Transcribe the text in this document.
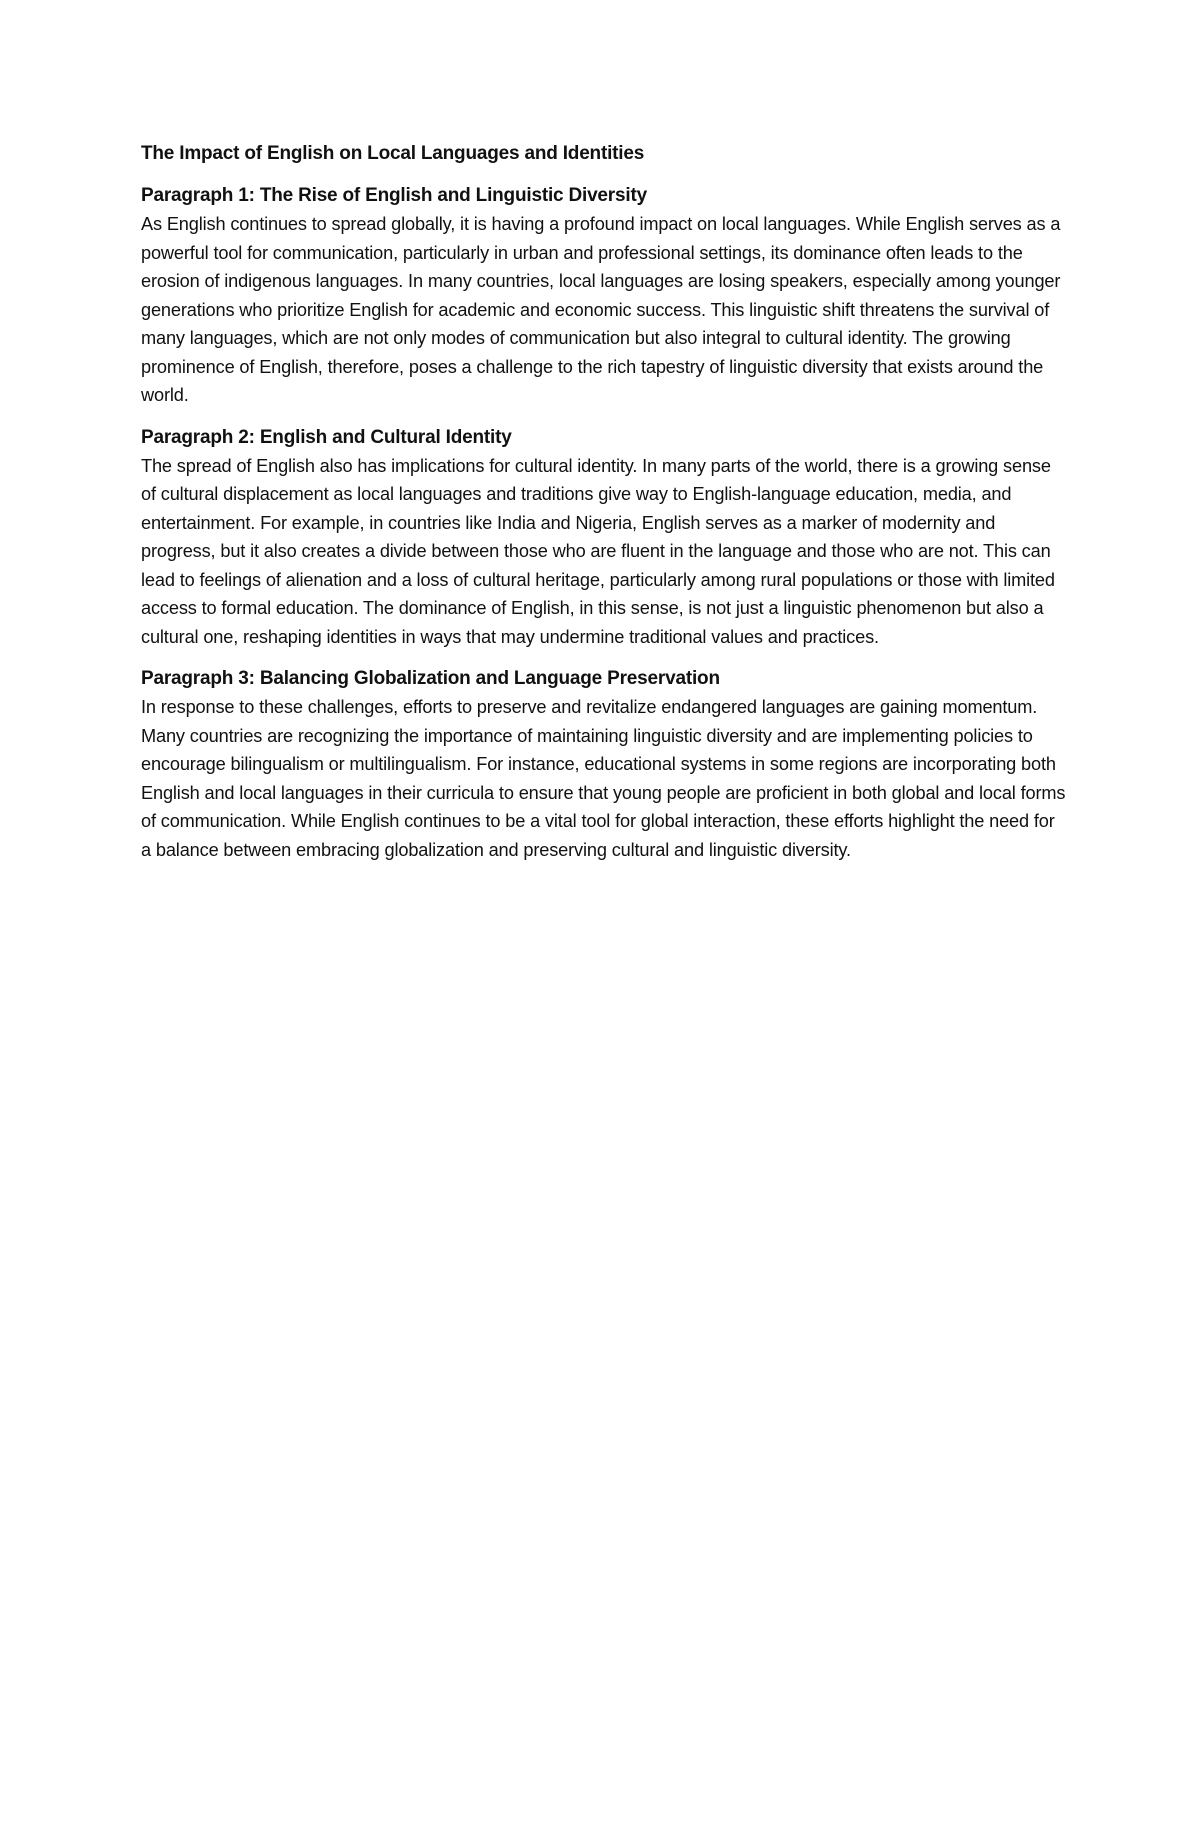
The Impact of English on Local Languages and Identities
Paragraph 1: The Rise of English and Linguistic Diversity

As English continues to spread globally, it is having a profound impact on local languages. While English serves as a powerful tool for communication, particularly in urban and professional settings, its dominance often leads to the erosion of indigenous languages. In many countries, local languages are losing speakers, especially among younger generations who prioritize English for academic and economic success. This linguistic shift threatens the survival of many languages, which are not only modes of communication but also integral to cultural identity. The growing prominence of English, therefore, poses a challenge to the rich tapestry of linguistic diversity that exists around the world.

Paragraph 2: English and Cultural Identity

The spread of English also has implications for cultural identity. In many parts of the world, there is a growing sense of cultural displacement as local languages and traditions give way to English-language education, media, and entertainment. For example, in countries like India and Nigeria, English serves as a marker of modernity and progress, but it also creates a divide between those who are fluent in the language and those who are not. This can lead to feelings of alienation and a loss of cultural heritage, particularly among rural populations or those with limited access to formal education. The dominance of English, in this sense, is not just a linguistic phenomenon but also a cultural one, reshaping identities in ways that may undermine traditional values and practices.

Paragraph 3: Balancing Globalization and Language Preservation

In response to these challenges, efforts to preserve and revitalize endangered languages are gaining momentum. Many countries are recognizing the importance of maintaining linguistic diversity and are implementing policies to encourage bilingualism or multilingualism. For instance, educational systems in some regions are incorporating both English and local languages in their curricula to ensure that young people are proficient in both global and local forms of communication. While English continues to be a vital tool for global interaction, these efforts highlight the need for a balance between embracing globalization and preserving cultural and linguistic diversity.
